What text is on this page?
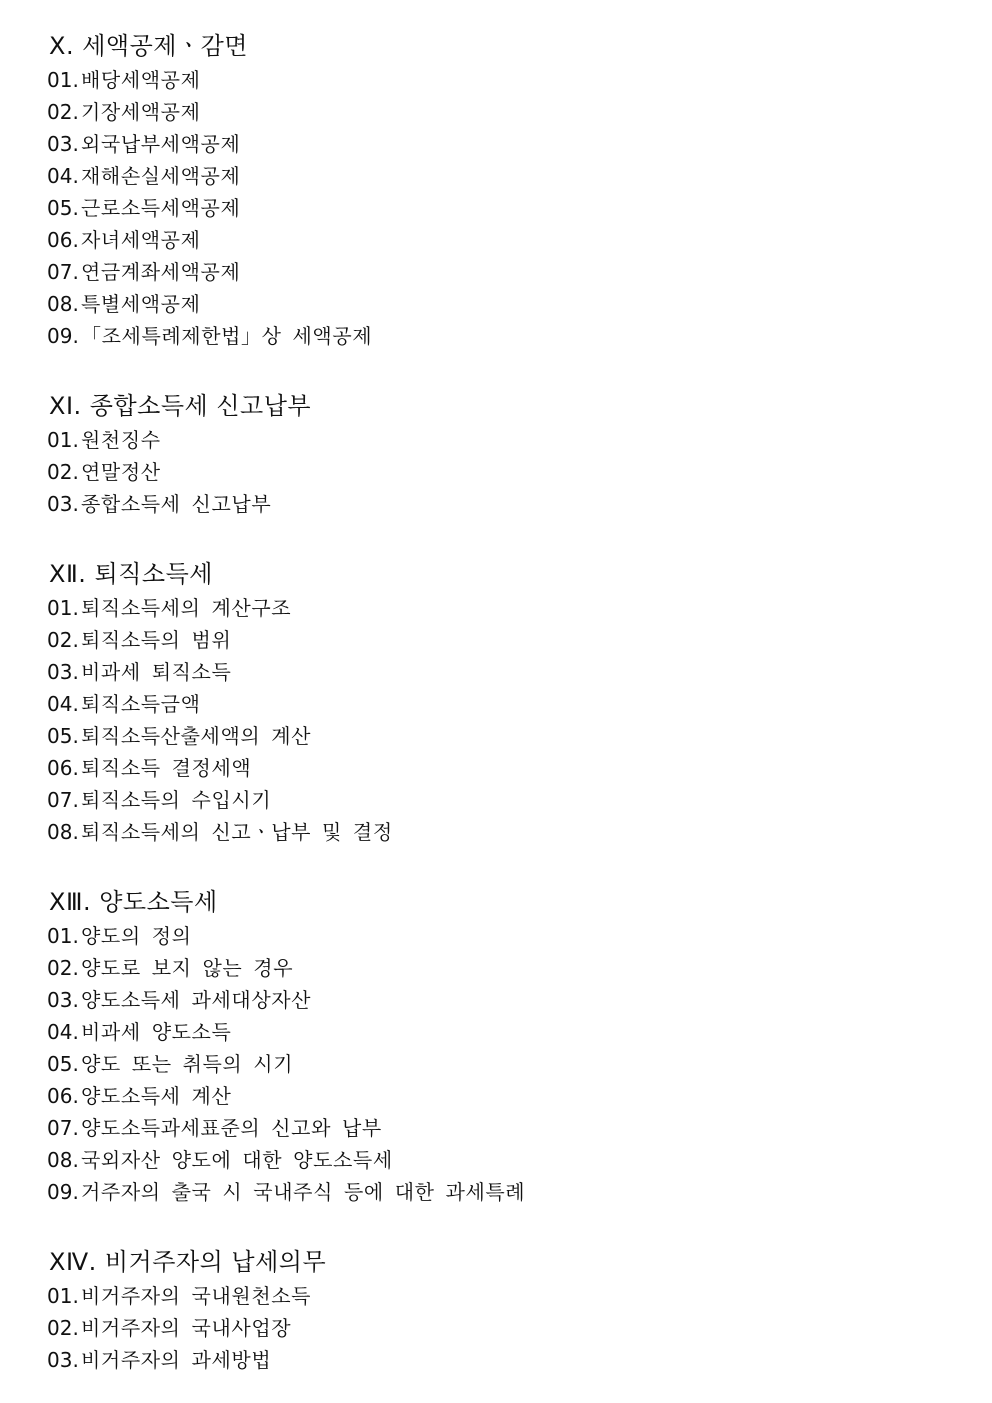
Ⅹ. 세액공제ㆍ감면
01. 배당세액공제
02. 기장세액공제
03. 외국납부세액공제
04. 재해손실세액공제
05. 근로소득세액공제
06. 자녀세액공제
07. 연금계좌세액공제
08. 특별세액공제
09. 「조세특례제한법」상 세액공제
ⅩⅠ. 종합소득세 신고납부
01. 원천징수
02. 연말정산
03. 종합소득세 신고납부
ⅩⅡ. 퇴직소득세
01. 퇴직소득세의 계산구조
02. 퇴직소득의 범위
03. 비과세 퇴직소득
04. 퇴직소득금액
05. 퇴직소득산출세액의 계산
06. 퇴직소득 결정세액
07. 퇴직소득의 수입시기
08. 퇴직소득세의 신고ㆍ납부 및 결정
ⅩⅢ. 양도소득세
01. 양도의 정의
02. 양도로 보지 않는 경우
03. 양도소득세 과세대상자산
04. 비과세 양도소득
05. 양도 또는 취득의 시기
06. 양도소득세 계산
07. 양도소득과세표준의 신고와 납부
08. 국외자산 양도에 대한 양도소득세
09. 거주자의 출국 시 국내주식 등에 대한 과세특례
ⅩⅣ. 비거주자의 납세의무
01. 비거주자의 국내원천소득
02. 비거주자의 국내사업장
03. 비거주자의 과세방법
